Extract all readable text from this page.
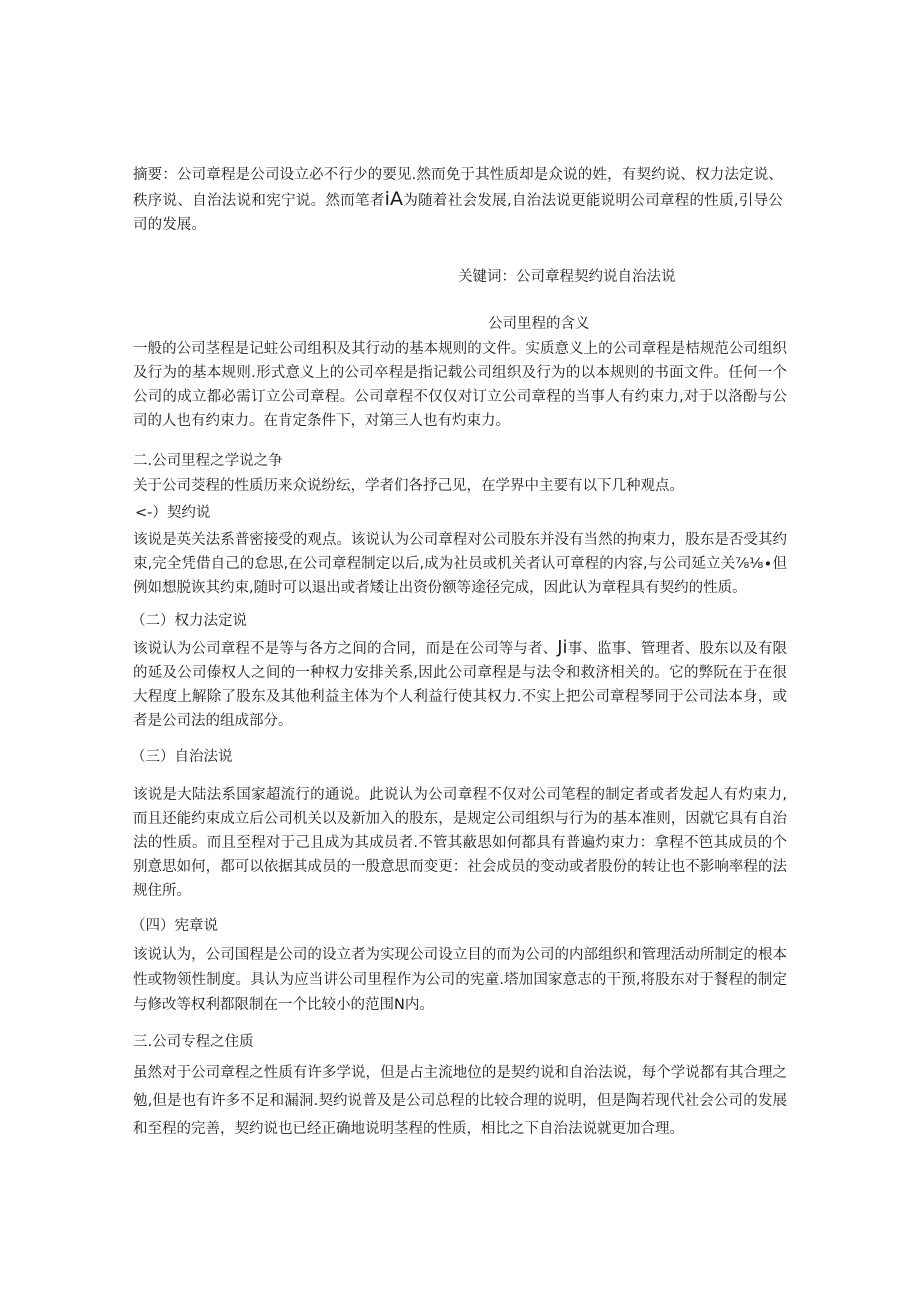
摘要：公司章程是公司设立必不行少的要见.然而免于其性质却是众说的姓，有契约说、权力法定说、秩序说、自治法说和宪宁说。然而笔者iA为随着社会发展,自治法说更能说明公司章程的性质,引导公司的发展。
关键词：公司章程契约说自治法说
公司里程的含义
一般的公司茎程是记蛀公司组积及其行动的基本规则的文件。实质意义上的公司章程是桔规范公司组织及行为的基本规则.形式意义上的公司卒程是指记载公司组织及行为的以本规则的书面文件。任何一个公司的成立都必需订立公司章程。公司章程不仅仅对订立公司章程的当事人有约束力,对于以洛酚与公司的人也有约束力。在肯定条件下，对第三人也有灼束力。
二.公司里程之学说之争
关于公司茭程的性质历来众说纷纭，学者们各抒己见，在学界中主要有以下几种观点。
<-）契约说
该说是英关法系普密接受的观点。该说认为公司章程对公司股东并没有当然的拘束力，股东是否受其约束,完全凭借自己的怠思,在公司章程制定以后,成为社员或机关者认可章程的内容,与公司延立关⅞⅛∙但例如想脱诙其约束,随时可以退出或者矮让出资份额等途径完成，因此认为章程具有契约的性质。
（二）权力法定说
该说认为公司章程不是等与各方之间的合同，而是在公司等与者、Ji事、监事、管理者、股东以及有限的延及公司傣权人之间的一种权力安排关系,因此公司章程是与法令和救济相关的。它的弊阮在于在很大程度上解除了股东及其他利益主体为个人利益行使其权力.不实上把公司章程琴同于公司法本身，或者是公司法的组成部分。
（三）自治法说
该说是大陆法系国家超流行的通说。此说认为公司章程不仅对公司笔程的制定者或者发起人有灼束力,而且还能约束成立后公司机关以及新加入的股东，是规定公司组织与行为的基本准则，因就它具有自治法的性质。而且至程对于己且成为其成员者.不管其蔽思如何都具有普遍灼束力：拿程不笆其成员的个别意思如何，都可以依据其成员的一殷意思而变更：社会成员的变动或者股份的转让也不影响率程的法规住所。
（四）宪章说
该说认为，公司国程是公司的设立者为实现公司设立目的而为公司的内部组织和管理活动所制定的根本性或物领性制度。具认为应当讲公司里程作为公司的宪童.塔加国家意志的干预,将股东对于餐程的制定与修改等权利都限制在一个比较小的范围N内。
三.公司专程之住质
虽然对于公司章程之性质有许多学说，但是占主流地位的是契约说和自治法说，每个学说都有其合理之勉,但是也有许多不足和漏洞.契约说普及是公司总程的比较合理的说明，但是陶若现代社会公司的发展和至程的完善，契约说也已经正确地说明茎程的性质，相比之下自治法说就更加合理。
